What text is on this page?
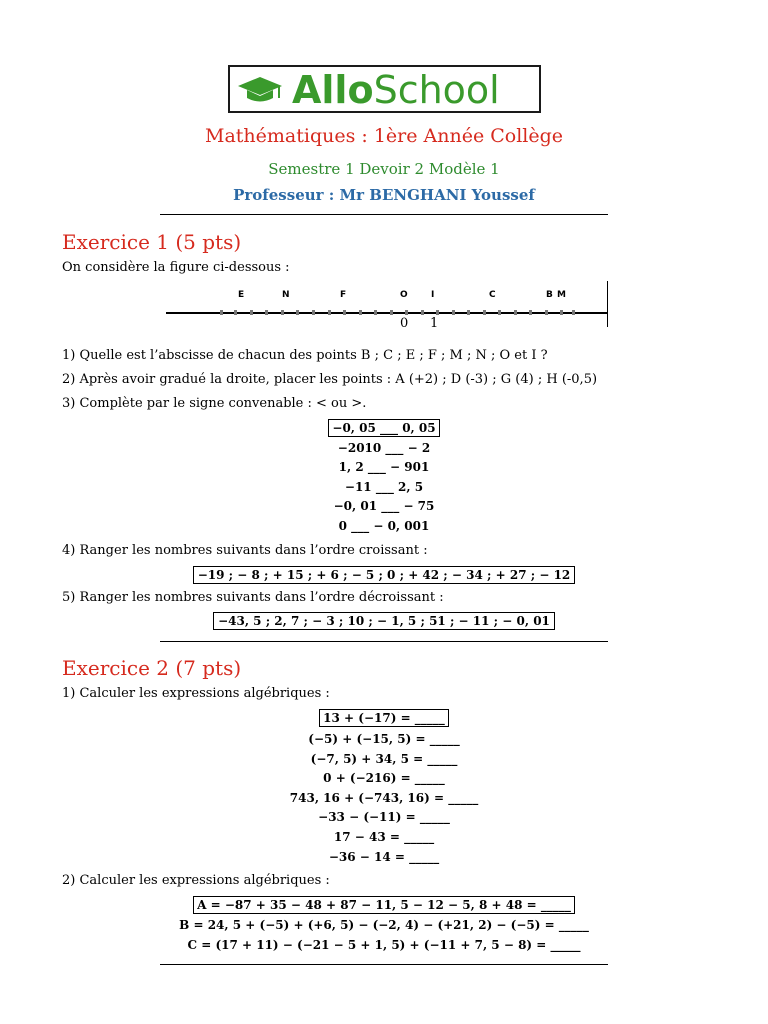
AlloSchool
Mathématiques : 1ère Année Collège
Semestre 1 Devoir 2 Modèle 1
Professeur : Mr BENGHANI Youssef
Exercice 1 (5 pts)
On considère la figure ci-dessous :
E	N	F	O	I	C	B M
0 1
1) Quelle est l’abscisse de chacun des points B ; C ; E ; F ; M ; N ; O et I ?
2) Après avoir gradué la droite, placer les points : A (+2) ; D (-3) ; G (4) ; H (-0,5)
3) Complète par le signe convenable : < ou >.
−0, 05 ___ 0, 05
−2010 ___ − 2
1, 2 ___ − 901
−11 ___ 2, 5
−0, 01 ___ − 75
0 ___ − 0, 001
4) Ranger les nombres suivants dans l’ordre croissant :
−19 ; − 8 ; + 15 ; + 6 ; − 5 ; 0 ; + 42 ; − 34 ; + 27 ; − 12
5) Ranger les nombres suivants dans l’ordre décroissant :
−43, 5 ; 2, 7 ; − 3 ; 10 ; − 1, 5 ; 51 ; − 11 ; − 0, 01
Exercice 2 (7 pts)
1) Calculer les expressions algébriques :
13 + (−17) = _____
(−5) + (−15, 5) = _____
(−7, 5) + 34, 5 = _____
0 + (−216) = _____
743, 16 + (−743, 16) = _____
−33 − (−11) = _____
17 − 43 = _____
−36 − 14 = _____
2) Calculer les expressions algébriques :
A = −87 + 35 − 48 + 87 − 11, 5 − 12 − 5, 8 + 48 = _____
B = 24, 5 + (−5) + (+6, 5) − (−2, 4) − (+21, 2) − (−5) = _____
C = (17 + 11) − (−21 − 5 + 1, 5) + (−11 + 7, 5 − 8) = _____
